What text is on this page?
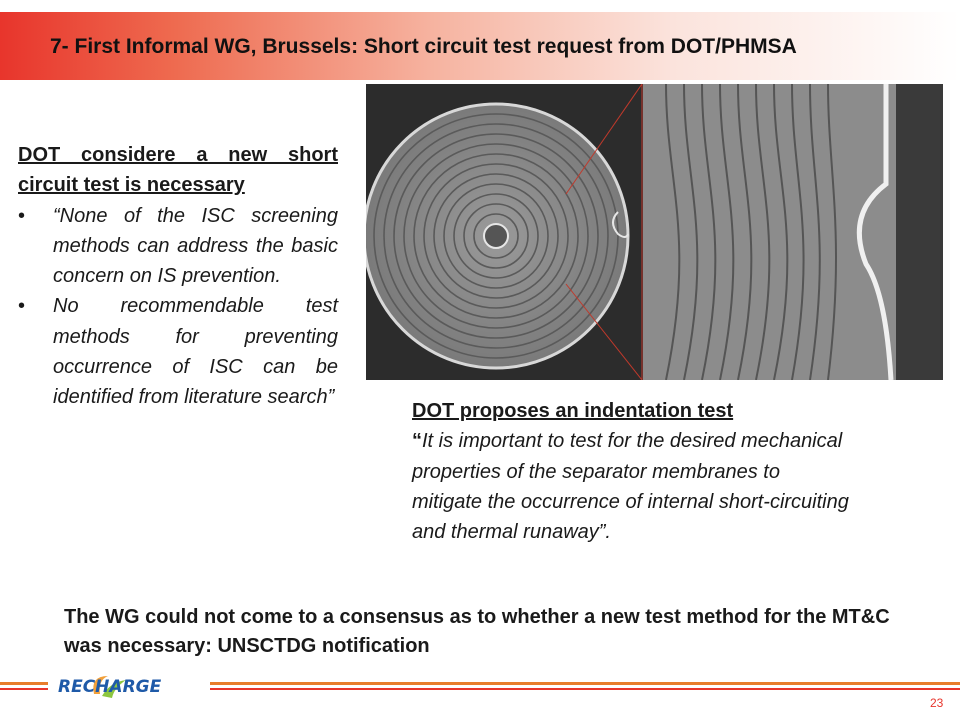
7- First Informal WG, Brussels: Short circuit test request from DOT/PHMSA
DOT considere a new short circuit test is necessary
• “None of the ISC screening methods can address the basic concern on IS prevention.
• No recommendable test methods for preventing occurrence of ISC can be identified from literature search”
DOT proposes an indentation test
“It is important to test for the desired mechanical properties of the separator membranes to mitigate the occurrence of internal short-circuiting and thermal runaway”.
The WG could not come to a consensus as to whether a new test method for the MT&C was necessary: UNSCTDG notification
RECHARGE
23
